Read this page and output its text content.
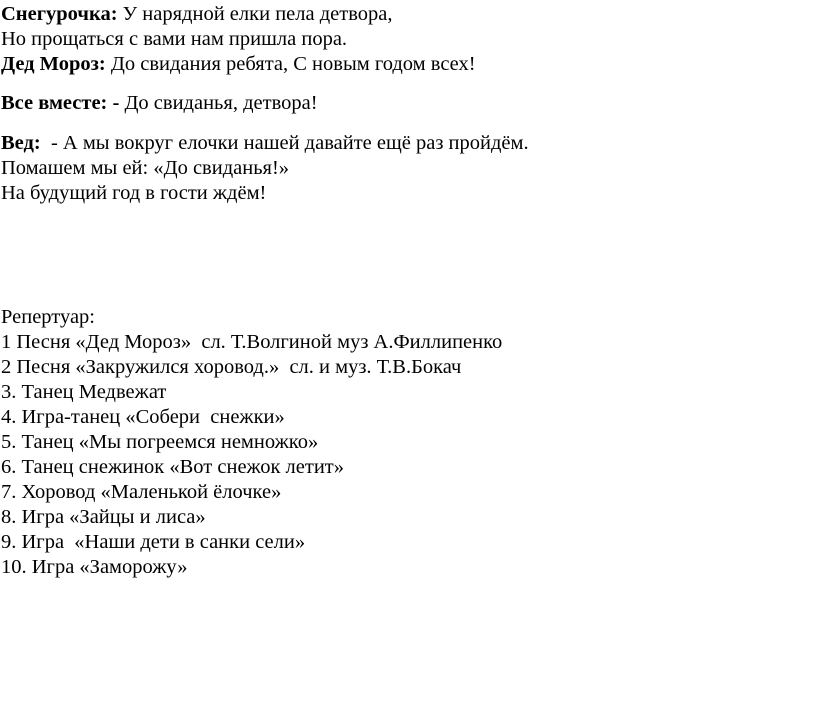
Снегурочка: У нарядной елки пела детвора,
Но прощаться с вами нам пришла пора.
Дед Мороз: До свидания ребята, С новым годом всех!
Все вместе: - До свиданья, детвора!
Вед:  - А мы вокруг елочки нашей давайте ещё раз пройдём.
Помашем мы ей: «До свиданья!»
На будущий год в гости ждём!
Репертуар:
1 Песня «Дед Мороз»  сл. Т.Волгиной муз А.Филлипенко
2 Песня «Закружился хоровод.»  сл. и муз. Т.В.Бокач
3. Танец Медвежат
4. Игра-танец «Собери  снежки»
5. Танец «Мы погреемся немножко»
6. Танец снежинок «Вот снежок летит»
7. Хоровод «Маленькой ёлочке»
8. Игра «Зайцы и лиса»
9. Игра  «Наши дети в санки сели»
10. Игра «Заморожу»
